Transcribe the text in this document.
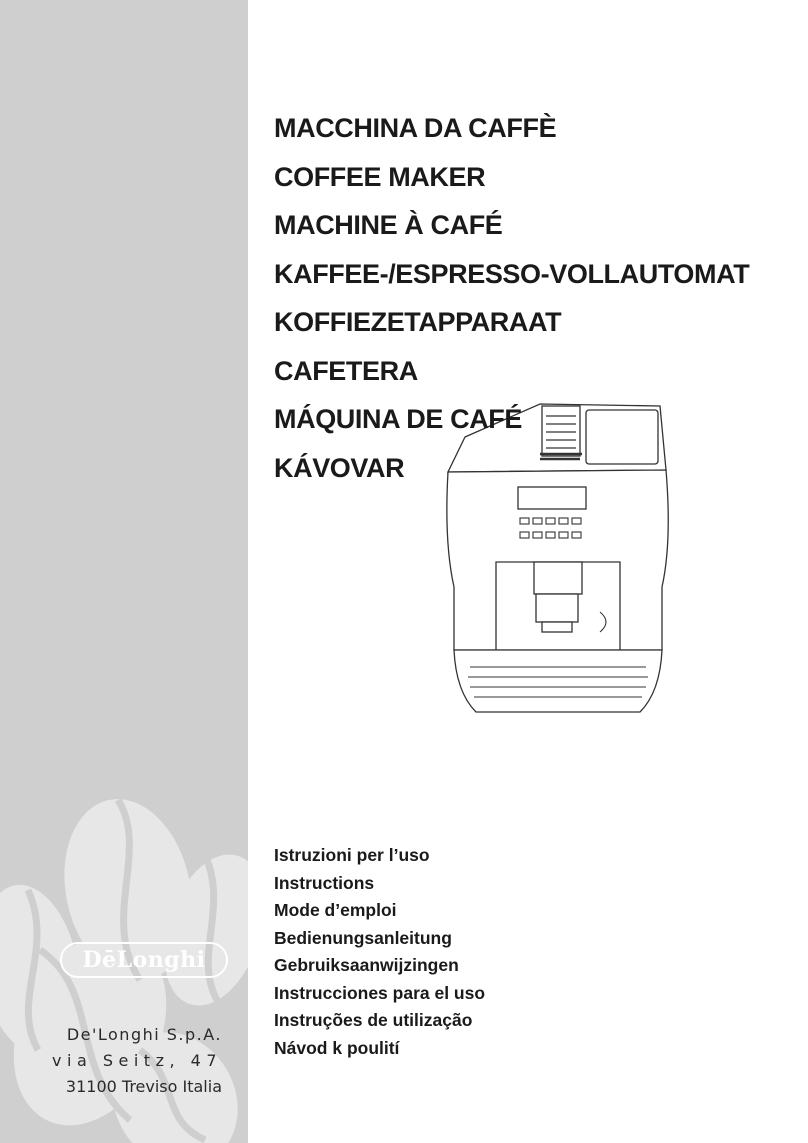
DēLonghi
De'Longhi S.p.A.
via Seitz, 47
31100 Treviso Italia
MACCHINA DA CAFFÈ
COFFEE MAKER
MACHINE À CAFÉ
KAFFEE-/ESPRESSO-VOLLAUTOMAT
KOFFIEZETAPPARAAT
CAFETERA
MÁQUINA DE CAFÉ
KÁVOVAR
Istruzioni per l’uso
Instructions
Mode d’emploi
Bedienungsanleitung
Gebruiksaanwijzingen
Instrucciones para el uso
Instruções de utilização
Návod k poulití
